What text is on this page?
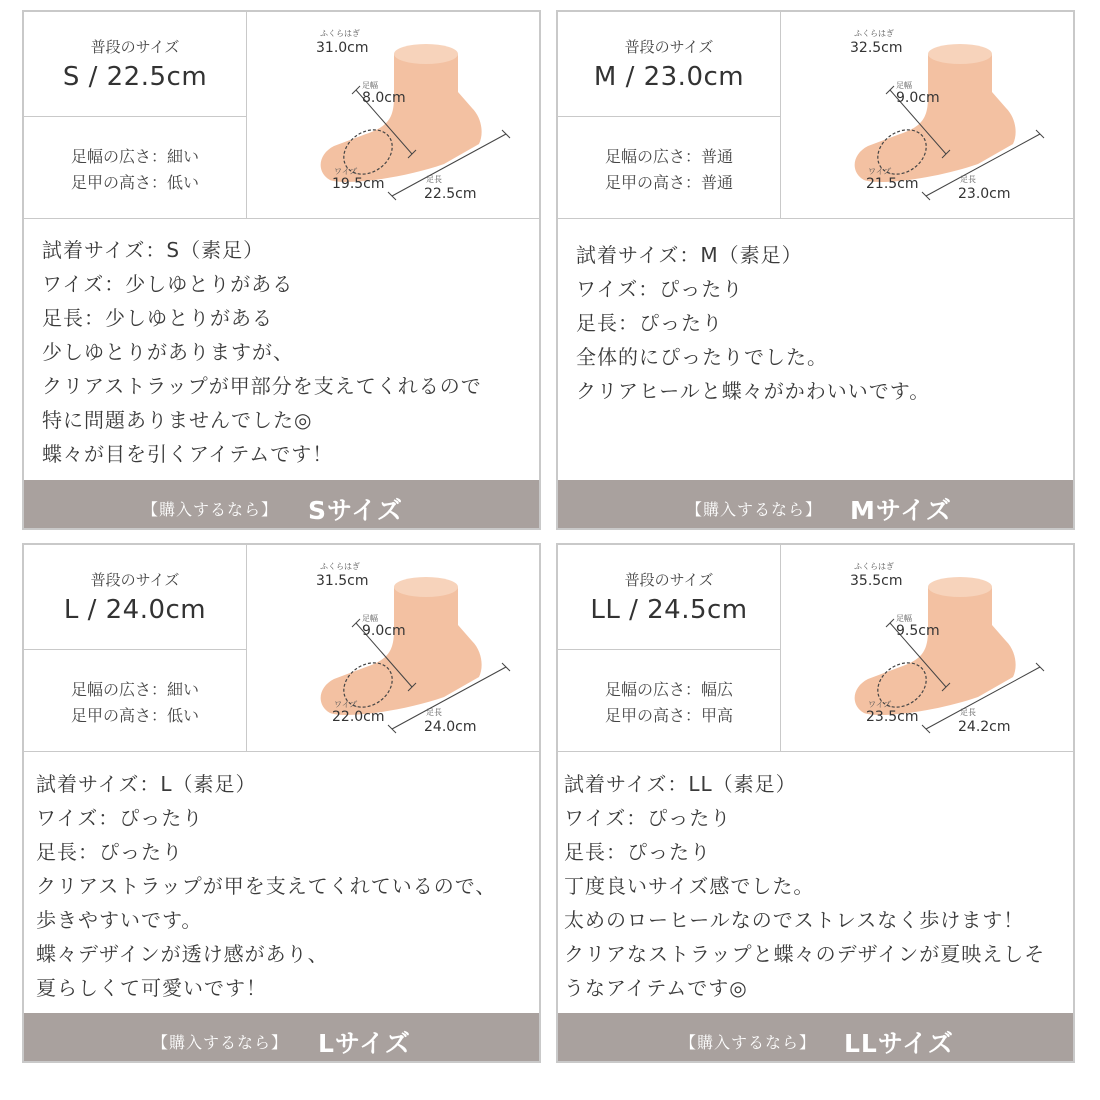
普段のサイズ
S / 22.5cm
足幅の広さ：細い
足甲の高さ：低い
ふくらはぎ
31.0cm
足幅
8.0cm
ワイズ
19.5cm	足長
22.5cm
試着サイズ：S（素足）
ワイズ：少しゆとりがある
足長：少しゆとりがある
少しゆとりがありますが、
クリアストラップが甲部分を支えてくれるので
特に問題ありませんでした◎
蝶々が目を引くアイテムです！
【購入するなら】 Sサイズ
普段のサイズ
M / 23.0cm
足幅の広さ：普通
足甲の高さ：普通
ふくらはぎ
32.5cm
足幅
9.0cm
ワイズ
21.5cm	足長
23.0cm
試着サイズ：M（素足）
ワイズ：ぴったり
足長：ぴったり
全体的にぴったりでした。
クリアヒールと蝶々がかわいいです。
【購入するなら】 Mサイズ
普段のサイズ
L / 24.0cm
足幅の広さ：細い
足甲の高さ：低い
ふくらはぎ
31.5cm
足幅
9.0cm
ワイズ
22.0cm	足長
24.0cm
試着サイズ：L（素足）
ワイズ：ぴったり
足長：ぴったり
クリアストラップが甲を支えてくれているので、
歩きやすいです。
蝶々デザインが透け感があり、
夏らしくて可愛いです！
【購入するなら】 Lサイズ
普段のサイズ
LL / 24.5cm
足幅の広さ：幅広
足甲の高さ：甲高
ふくらはぎ
35.5cm
足幅
9.5cm
ワイズ
23.5cm	足長
24.2cm
試着サイズ：LL（素足）
ワイズ：ぴったり
足長：ぴったり
丁度良いサイズ感でした。
太めのローヒールなのでストレスなく歩けます！
クリアなストラップと蝶々のデザインが夏映えしそ
うなアイテムです◎
【購入するなら】 LLサイズ
